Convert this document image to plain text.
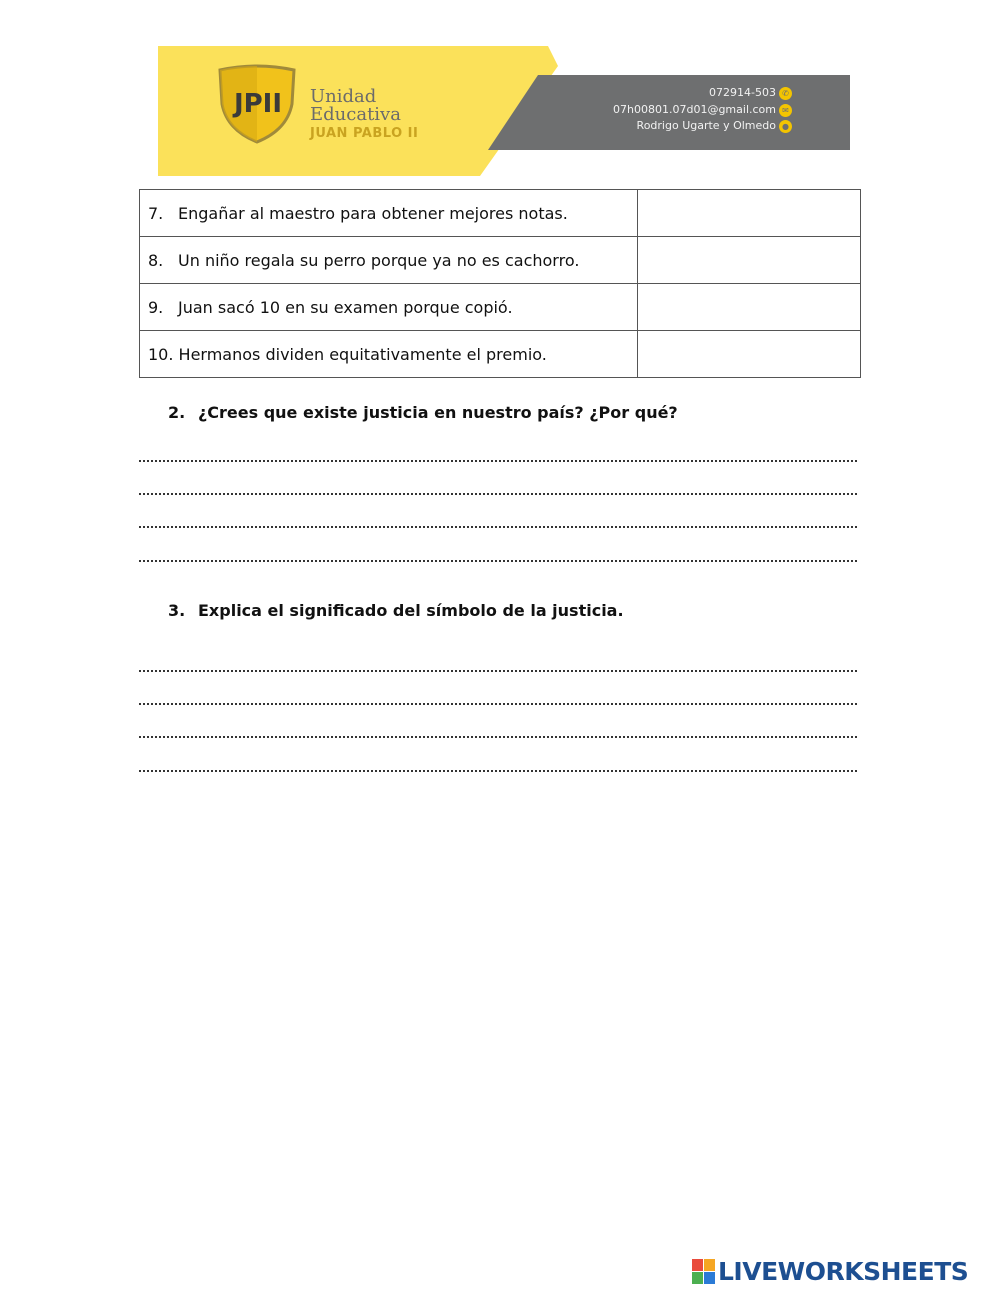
JPII Unidad
Educativa
JUAN PABLO II
072914-503
07h00801.07d01@gmail.com
Rodrigo Ugarte y Olmedo
✆
✉
●
7. Engañar al maestro para obtener mejores notas.	
8. Un niño regala su perro porque ya no es cachorro.	
9. Juan sacó 10 en su examen porque copió.	
10. Hermanos dividen equitativamente el premio.	
2. ¿Crees que existe justicia en nuestro país? ¿Por qué?
3. Explica el significado del símbolo de la justicia.
LIVEWORKSHEETS
